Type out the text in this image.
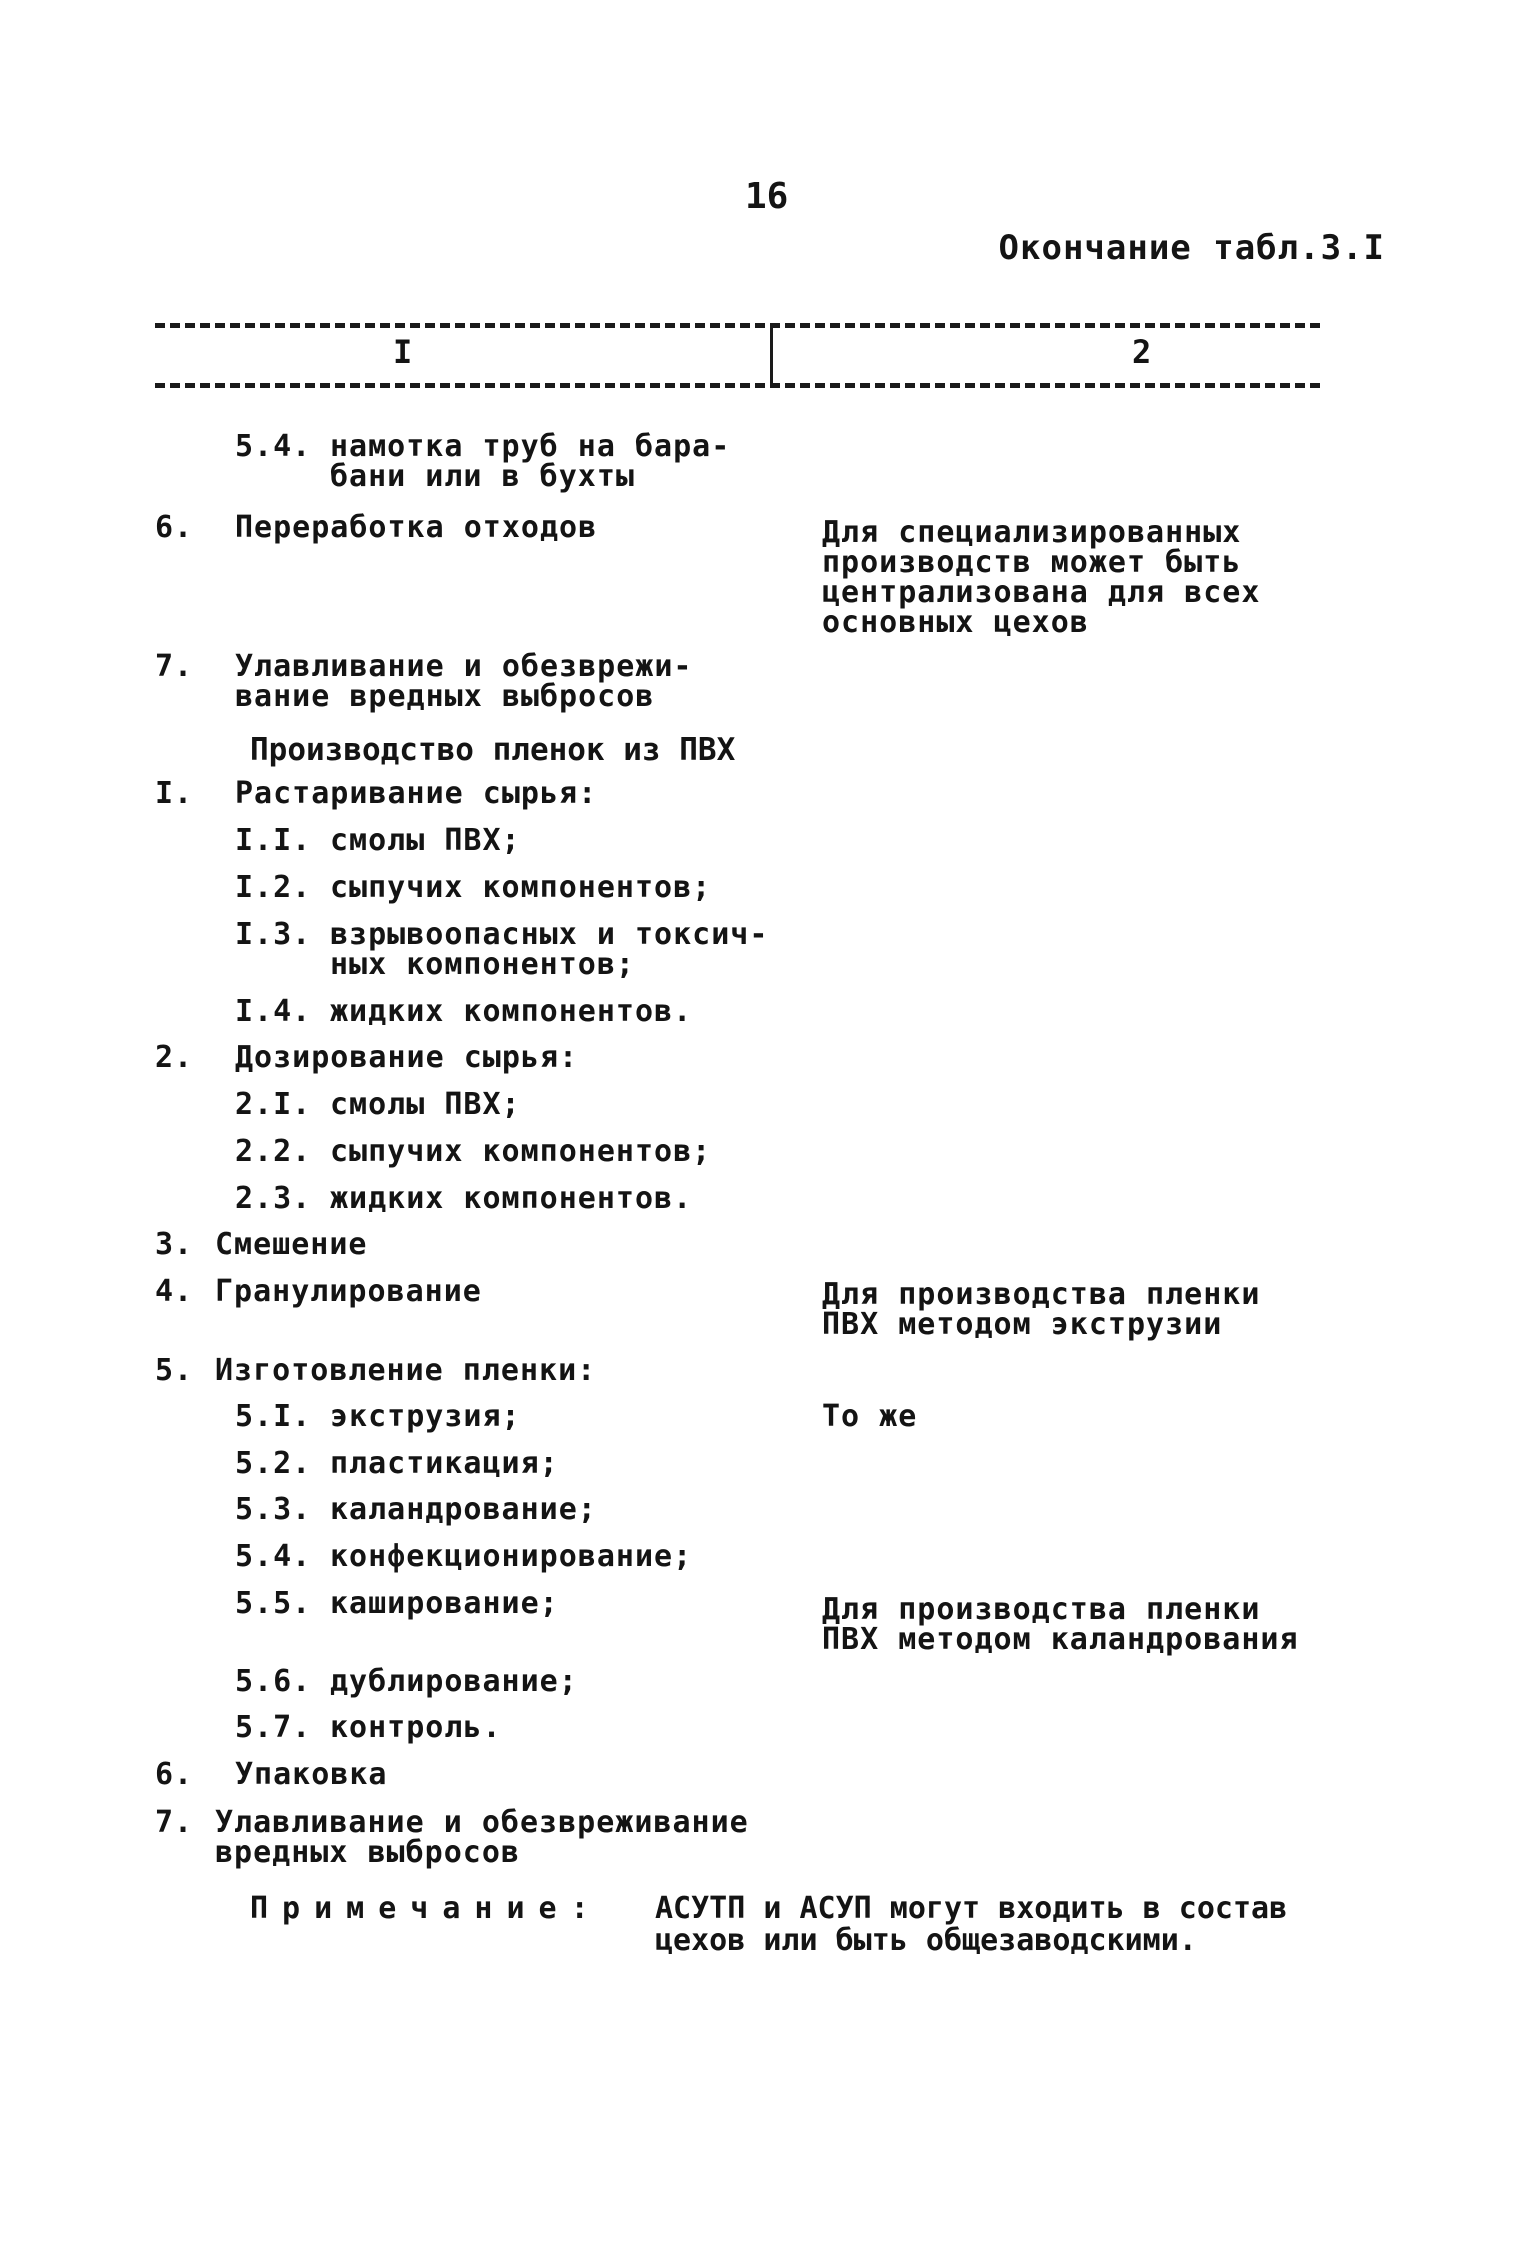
16
Окончание табл.3.I
I	2
5.4. намотка труб на бара-
бани или в бухты
6. Переработка отходов
7. Улавливание и обезврежи-
вание вредных выбросов
Производство пленок из ПВХ
I. Растаривание сырья:
I.I. смолы ПВХ;
I.2. сыпучих компонентов;
I.3. взрывоопасных и токсич-
ных компонентов;
I.4. жидких компонентов.
2. Дозирование сырья:
2.I. смолы ПВХ;
2.2. сыпучих компонентов;
2.3. жидких компонентов.
3. Смешение
4. Гранулирование
5. Изготовление пленки:
5.I. экструзия;
5.2. пластикация;
5.3. каландрование;
5.4. конфекционирование;
5.5. каширование;
5.6. дублирование;
5.7. контроль.
6. Упаковка
7. Улавливание и обезвреживание
вредных выбросов
Для специализированных
производств может быть
централизована для всех
основных цехов
Для производства пленки
ПВХ методом экструзии
То же
Для производства пленки
ПВХ методом каландрования
Примечание: АСУТП и АСУП могут входить в состав
цехов или быть общезаводскими.
